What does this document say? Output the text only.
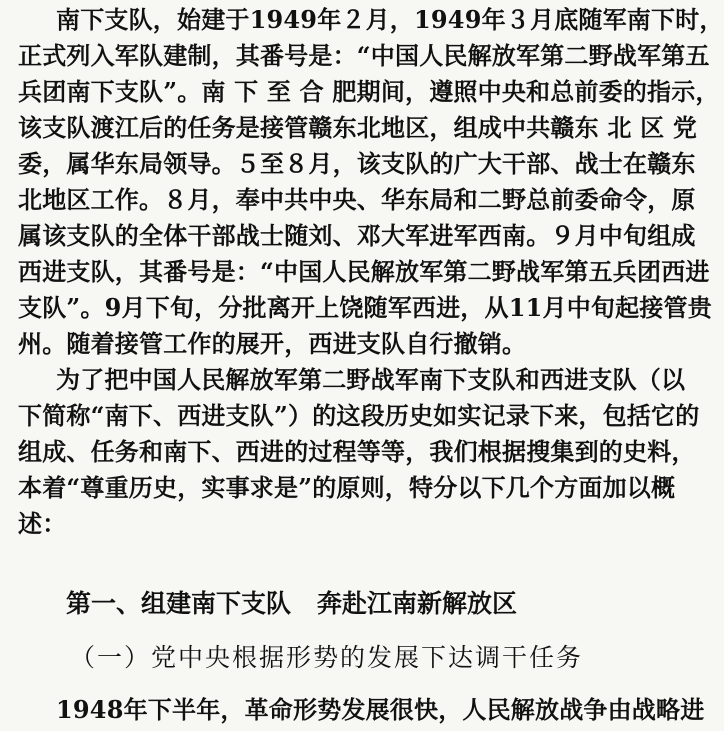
南下支队，始建于1949年２月，1949年３月底随军南下时，
正式列入军队建制，其番号是：“中国人民解放军第二野战军第五
兵团南下支队”。南 下 至 合 肥期间，遵照中央和总前委的指示，
该支队渡江后的任务是接管赣东北地区，组成中共赣东 北 区 党
委，属华东局领导。５至８月，该支队的广大干部、战士在赣东
北地区工作。８月，奉中共中央、华东局和二野总前委命令，原
属该支队的全体干部战士随刘、邓大军进军西南。９月中旬组成
西进支队，其番号是：“中国人民解放军第二野战军第五兵团西进
支队”。9月下旬，分批离开上饶随军西进，从11月中旬起接管贵
州。随着接管工作的展开，西进支队自行撤销。
为了把中国人民解放军第二野战军南下支队和西进支队（以
下简称“南下、西进支队”）的这段历史如实记录下来，包括它的
组成、任务和南下、西进的过程等等，我们根据搜集到的史料，
本着“尊重历史，实事求是”的原则，特分以下几个方面加以概
述：
第一、组建南下支队 奔赴江南新解放区
（一）党中央根据形势的发展下达调干任务
1948年下半年，革命形势发展很快，人民解放战争由战略进
